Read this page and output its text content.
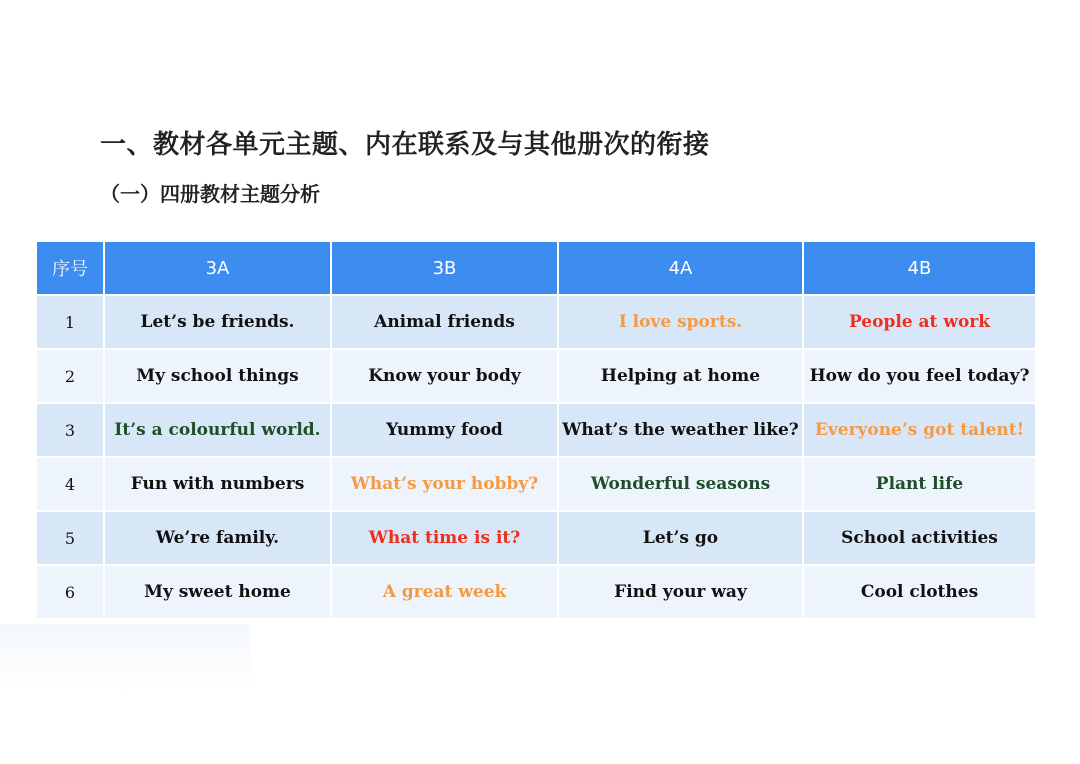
一、教材各单元主题、内在联系及与其他册次的衔接
（一）四册教材主题分析
序号	3A	3B	4A	4B
1	Let’s be friends.	Animal friends	I love sports.	People at work
2	My school things	Know your body	Helping at home	How do you feel today?
3	It’s a colourful world.	Yummy food	What’s the weather like?	Everyone’s got talent!
4	Fun with numbers	What’s your hobby?	Wonderful seasons	Plant life
5	We’re family.	What time is it?	Let’s go	School activities
6	My sweet home	A great week	Find your way	Cool clothes
